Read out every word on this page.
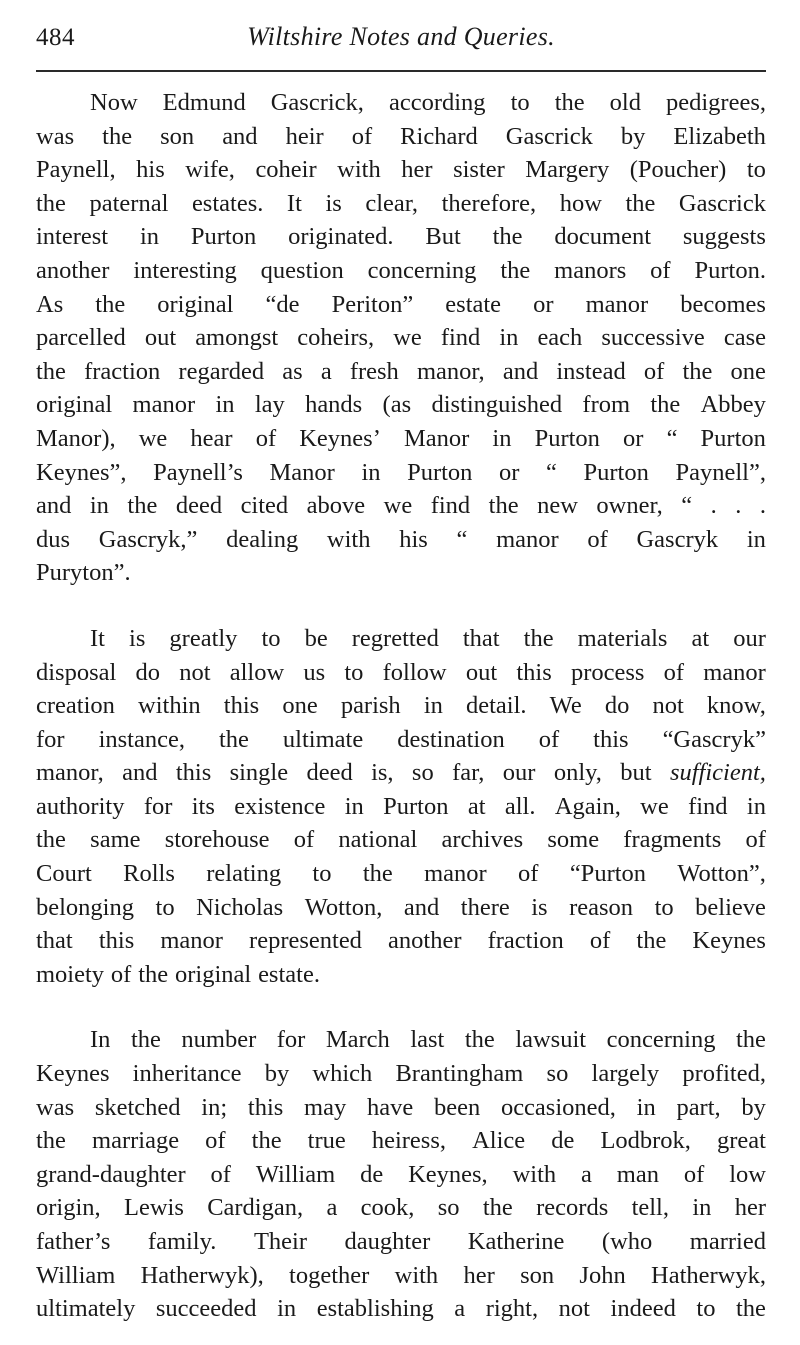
484	Wiltshire Notes and Queries.
Now Edmund Gascrick, according to the old pedigrees,
was the son and heir of Richard Gascrick by Elizabeth
Paynell, his wife, coheir with her sister Margery (Poucher) to
the paternal estates. It is clear, therefore, how the Gascrick
interest in Purton originated. But the document suggests
another interesting question concerning the manors of Purton.
As the original “de Periton” estate or manor becomes
parcelled out amongst coheirs, we find in each successive case
the fraction regarded as a fresh manor, and instead of the one
original manor in lay hands (as distinguished from the Abbey
Manor), we hear of Keynes’ Manor in Purton or “ Purton
Keynes”, Paynell’s Manor in Purton or “ Purton Paynell”,
and in the deed cited above we find the new owner, “ . . .
dus Gascryk,” dealing with his “ manor of Gascryk in
Puryton”.
It is greatly to be regretted that the materials at our
disposal do not allow us to follow out this process of manor
creation within this one parish in detail. We do not know,
for instance, the ultimate destination of this “Gascryk”
manor, and this single deed is, so far, our only, but sufficient,
authority for its existence in Purton at all. Again, we find in
the same storehouse of national archives some fragments of
Court Rolls relating to the manor of “Purton Wotton”,
belonging to Nicholas Wotton, and there is reason to believe
that this manor represented another fraction of the Keynes
moiety of the original estate.
In the number for March last the lawsuit concerning the
Keynes inheritance by which Brantingham so largely profited,
was sketched in; this may have been occasioned, in part, by
the marriage of the true heiress, Alice de Lodbrok, great
grand-daughter of William de Keynes, with a man of low
origin, Lewis Cardigan, a cook, so the records tell, in her
father’s family. Their daughter Katherine (who married
William Hatherwyk), together with her son John Hatherwyk,
ultimately succeeded in establishing a right, not indeed to the
